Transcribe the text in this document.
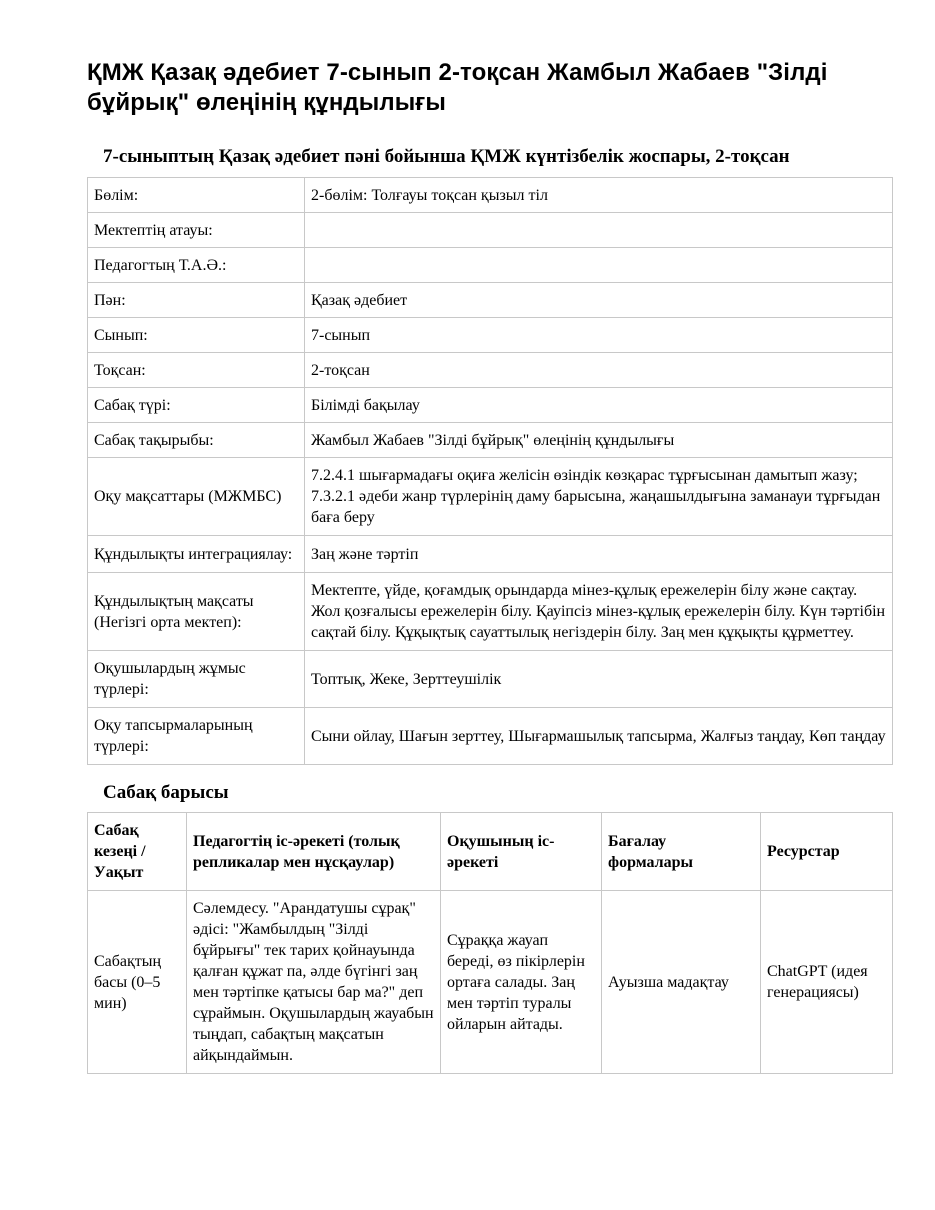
ҚМЖ Қазақ әдебиет 7-сынып 2-тоқсан Жамбыл Жабаев "Зілді бұйрық" өлеңінің құндылығы
7-сыныптың Қазақ әдебиет пәні бойынша ҚМЖ күнтізбелік жоспары, 2-тоқсан
Бөлім:	2-бөлім: Толғауы тоқсан қызыл тіл
Мектептің атауы:	
Педагогтың Т.А.Ә.:	
Пән:	Қазақ әдебиет
Сынып:	7-сынып
Тоқсан:	2-тоқсан
Сабақ түрі:	Білімді бақылау
Сабақ тақырыбы:	Жамбыл Жабаев "Зілді бұйрық" өлеңінің құндылығы
Оқу мақсаттары (МЖМБС)	7.2.4.1 шығармадағы оқиға желісін өзіндік көзқарас тұрғысынан дамытып жазу; 7.3.2.1 әдеби жанр түрлерінің даму барысына, жаңашылдығына заманауи тұрғыдан баға беру
Құндылықты интеграциялау:	Заң және тәртіп
Құндылықтың мақсаты (Негізгі орта мектеп):	Мектепте, үйде, қоғамдық орындарда мінез-құлық ережелерін білу және сақтау. Жол қозғалысы ережелерін білу. Қауіпсіз мінез-құлық ережелерін білу. Күн тәртібін сақтай білу. Құқықтық сауаттылық негіздерін білу. Заң мен құқықты құрметтеу.
Оқушылардың жұмыс түрлері:	Топтық, Жеке, Зерттеушілік
Оқу тапсырмаларының түрлері:	Сыни ойлау, Шағын зерттеу, Шығармашылық тапсырма, Жалғыз таңдау, Көп таңдау
Сабақ барысы
Сабақ кезеңі / Уақыт	Педагогтің іс-әрекеті (толық репликалар мен нұсқаулар)	Оқушының іс-әрекеті	Бағалау формалары	Ресурстар
Сабақтың басы (0–5 мин)	Сәлемдесу. "Арандатушы сұрақ" әдісі: "Жамбылдың "Зілді бұйрығы" тек тарих қойнауында қалған құжат па, әлде бүгінгі заң мен тәртіпке қатысы бар ма?" деп сұраймын. Оқушылардың жауабын тыңдап, сабақтың мақсатын айқындаймын.	Сұраққа жауап береді, өз пікірлерін ортаға салады. Заң мен тәртіп туралы ойларын айтады.	Ауызша мадақтау	ChatGPT (идея генерациясы)
